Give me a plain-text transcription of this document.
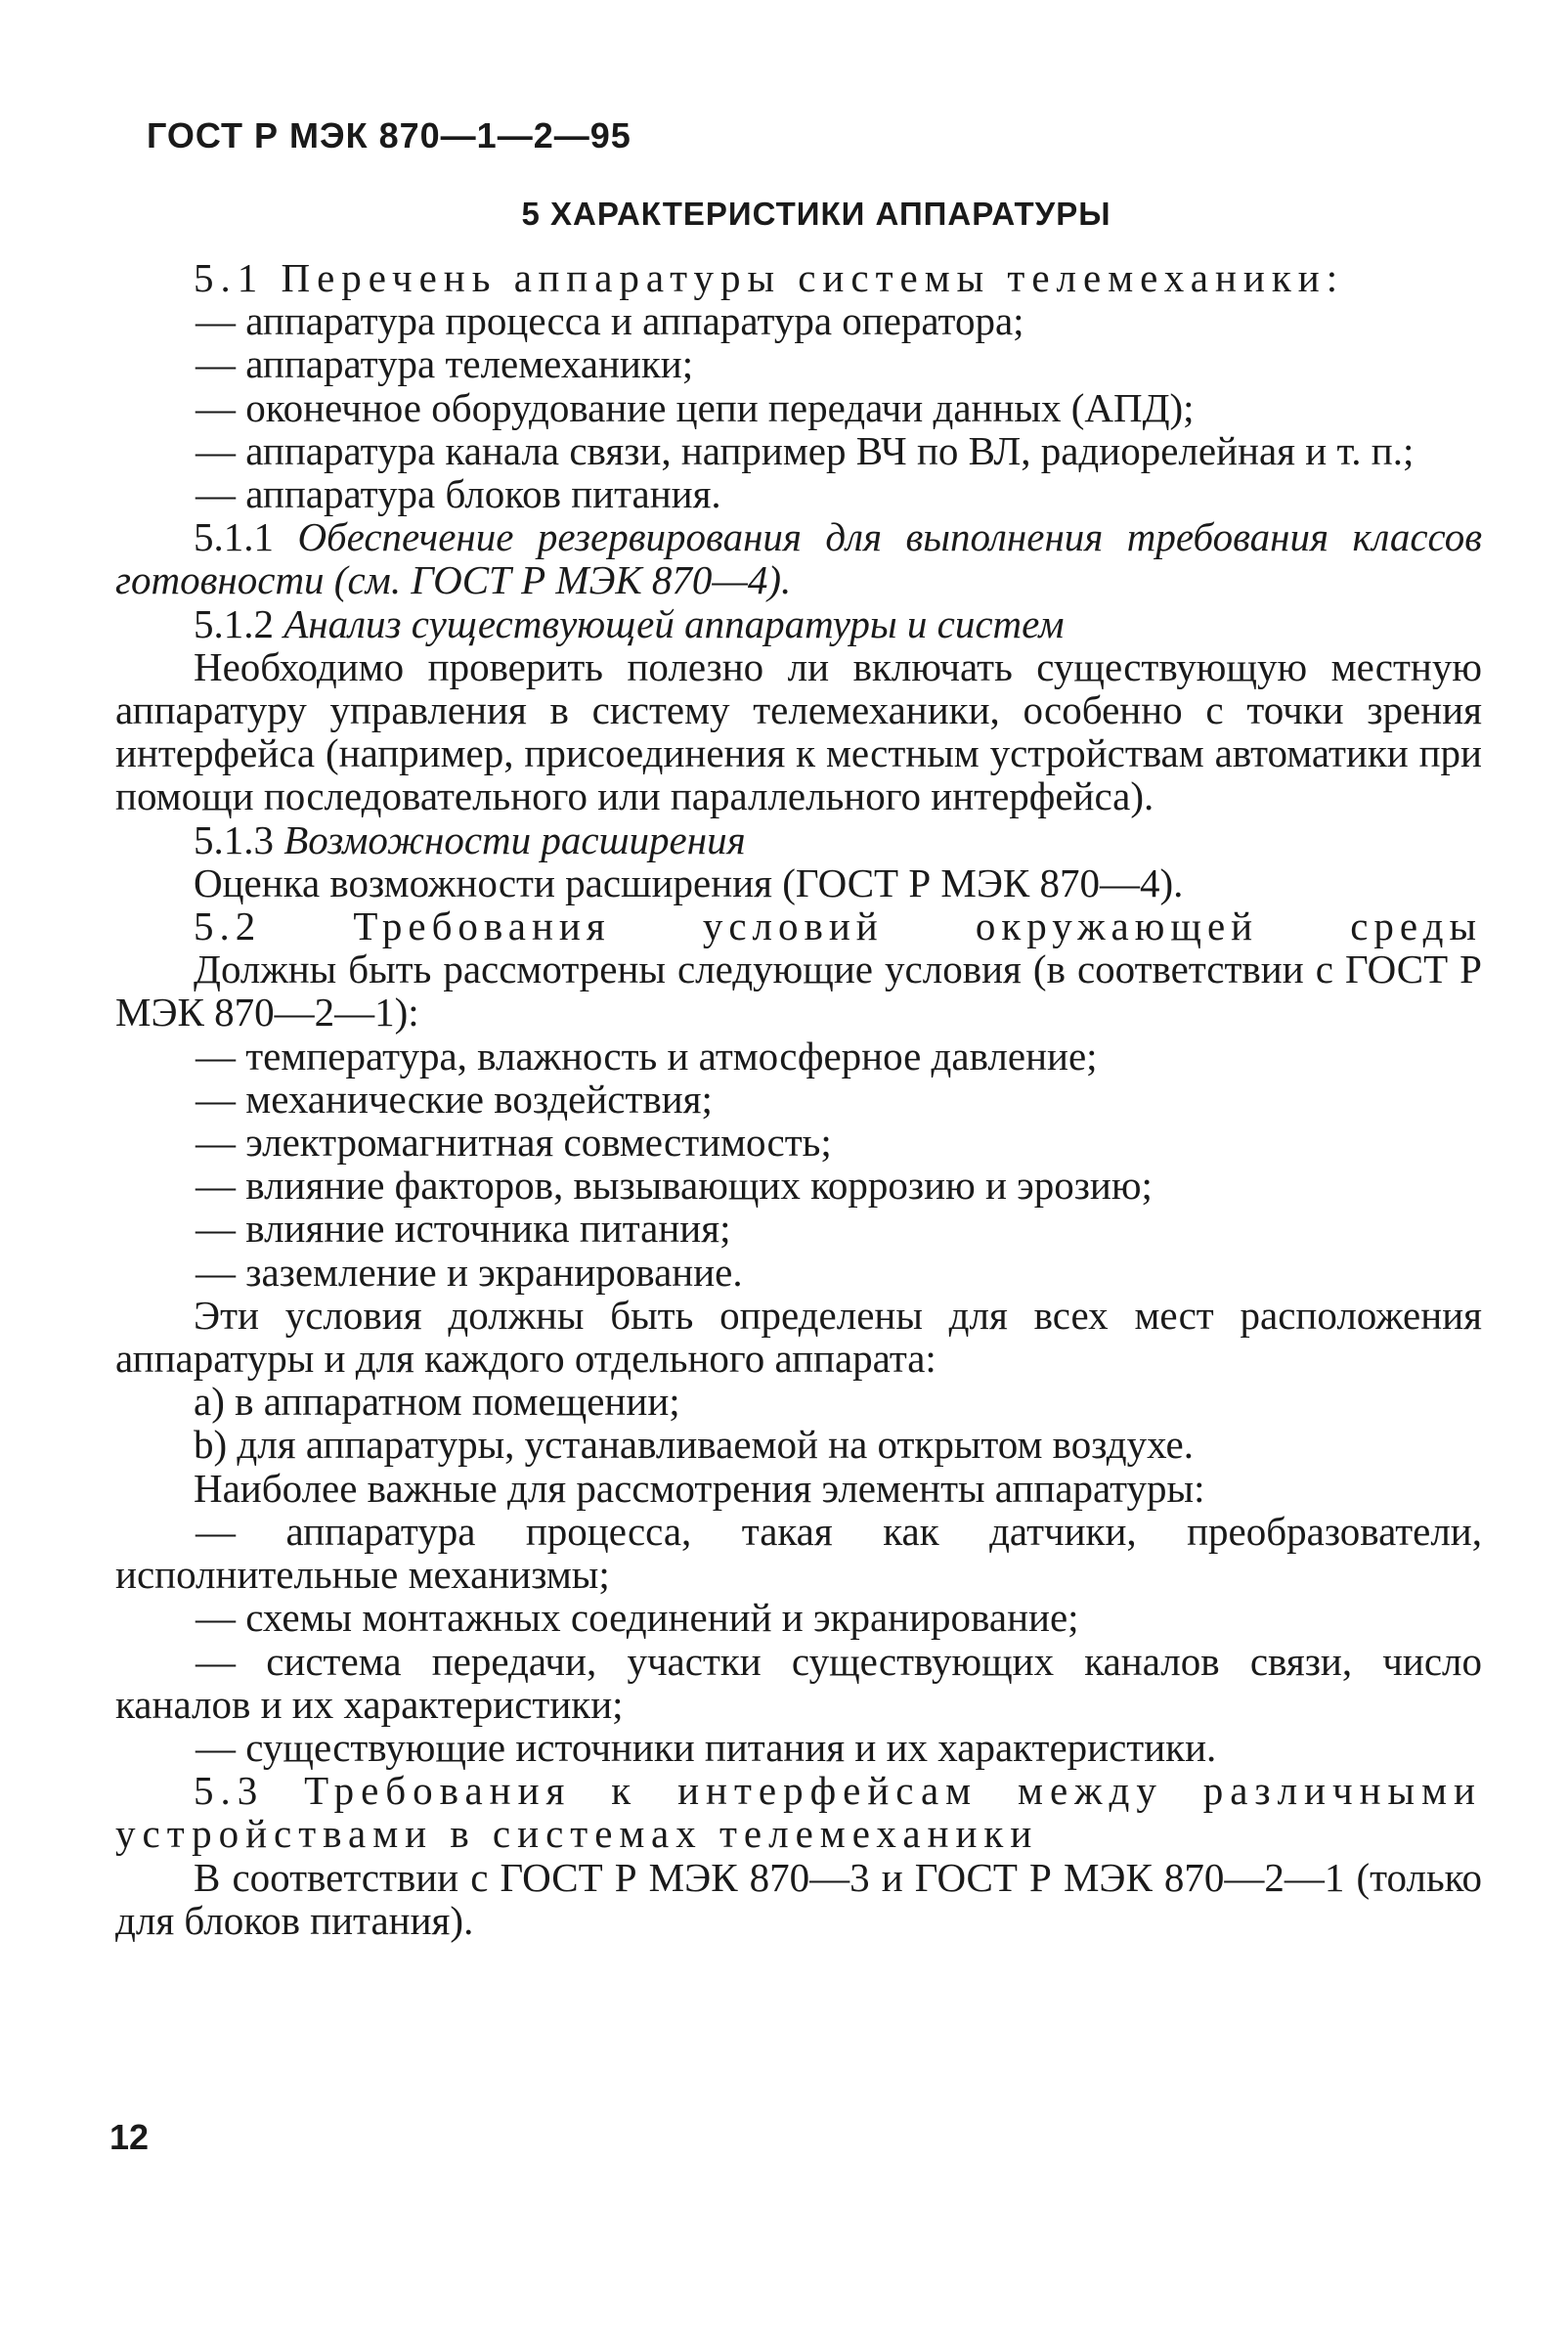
ГОСТ Р МЭК 870—1—2—95

5 ХАРАКТЕРИСТИКИ АППАРАТУРЫ

5.1 Перечень аппаратуры системы телемеханики:

— аппаратура процесса и аппаратура оператора;

— аппаратура телемеханики;

— оконечное оборудование цепи передачи данных (АПД);

— аппаратура канала связи, например ВЧ по ВЛ, радиорелейная и т. п.;

— аппаратура блоков питания.

5.1.1 Обеспечение резервирования для выполнения требования классов готовности (см. ГОСТ Р МЭК 870—4).

5.1.2 Анализ существующей аппаратуры и систем

Необходимо проверить полезно ли включать существующую местную аппаратуру управления в систему телемеханики, особенно с точки зрения интерфейса (например, присоединения к местным устройствам автоматики при помощи последовательного или параллельного интерфейса).

5.1.3 Возможности расширения

Оценка возможности расширения (ГОСТ Р МЭК 870—4).

5.2 Требования условий окружающей среды

Должны быть рассмотрены следующие условия (в соответствии с ГОСТ Р МЭК 870—2—1):

— температура, влажность и атмосферное давление;

— механические воздействия;

— электромагнитная совместимость;

— влияние факторов, вызывающих коррозию и эрозию;

— влияние источника питания;

— заземление и экранирование.

Эти условия должны быть определены для всех мест расположения аппаратуры и для каждого отдельного аппарата:

а) в аппаратном помещении;

b) для аппаратуры, устанавливаемой на открытом воздухе.

Наиболее важные для рассмотрения элементы аппаратуры:

— аппаратура процесса, такая как датчики, преобразователи, исполнительные механизмы;

— схемы монтажных соединений и экранирование;

— система передачи, участки существующих каналов связи, число каналов и их характеристики;

— существующие источники питания и их характеристики.

5.3 Требования к интерфейсам между различными устройствами в системах телемеханики

В соответствии с ГОСТ Р МЭК 870—3 и ГОСТ Р МЭК 870—2—1 (только для блоков питания).

12
